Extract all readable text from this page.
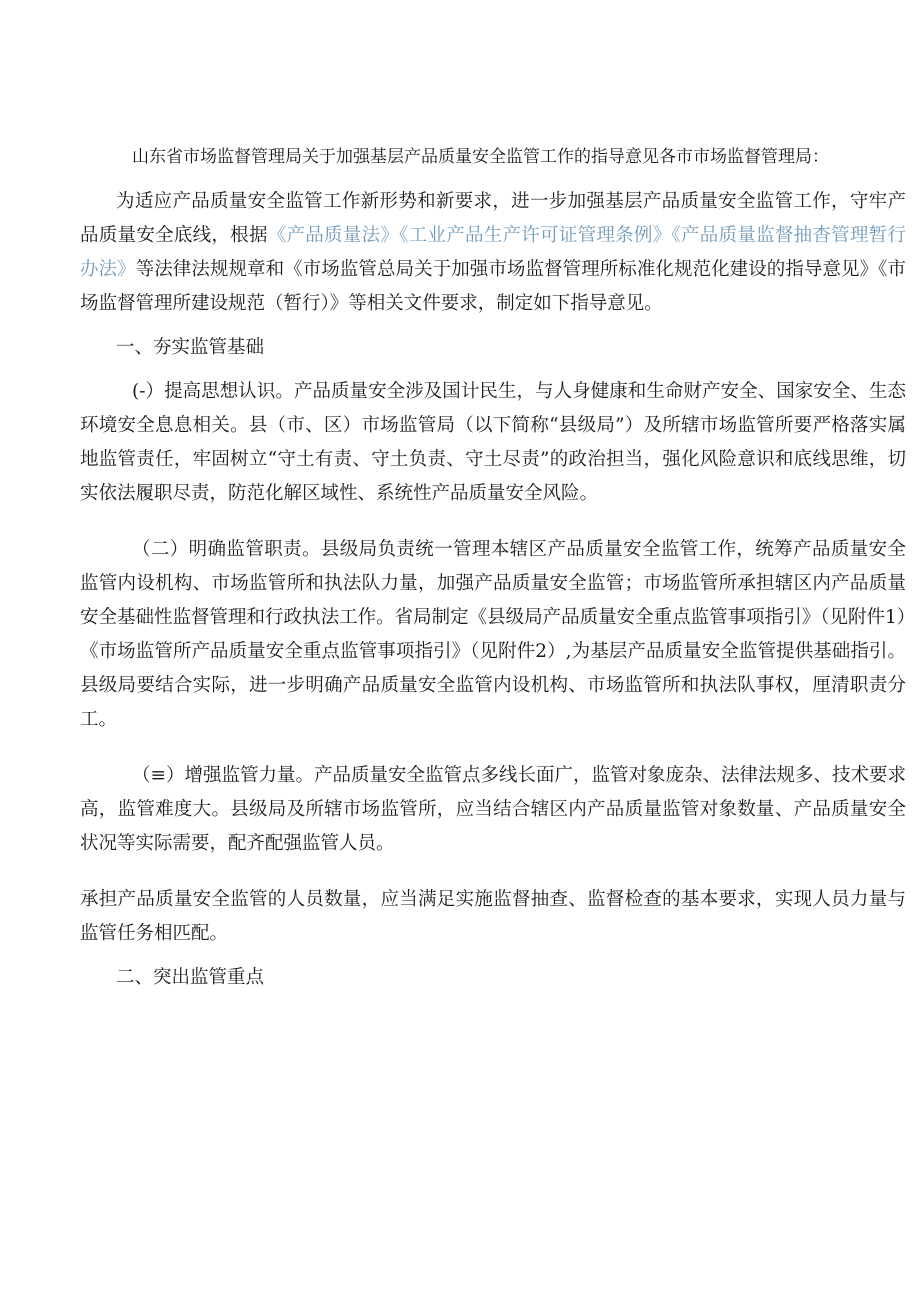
山东省市场监督管理局关于加强基层产品质量安全监管工作的指导意见各市市场监督管理局：

为适应产品质量安全监管工作新形势和新要求，进一步加强基层产品质量安全监管工作，守牢产品质量安全底线，根据《产品质量法》《工业产品生产许可证管理条例》《产品质量监督抽杳管理暂行办法》等法律法规规章和《市场监管总局关于加强市场监督管理所标准化规范化建设的指导意见》《市场监督管理所建设规范（暂行）》等相关文件要求，制定如下指导意见。

一、夯实监管基础

(-）提高思想认识。产品质量安全涉及国计民生，与人身健康和生命财产安全、国家安全、生态环境安全息息相关。县（市、区）市场监管局（以下简称“县级局”）及所辖市场监管所要严格落实属地监管责任，牢固树立“守土有责、守土负责、守土尽责”的政治担当，强化风险意识和底线思维，切实依法履职尽责，防范化解区域性、系统性产品质量安全风险。

（二）明确监管职责。县级局负责统一管理本辖区产品质量安全监管工作，统筹产品质量安全监管内设机构、市场监管所和执法队力量，加强产品质量安全监管；市场监管所承担辖区内产品质量安全基础性监督管理和行政执法工作。省局制定《县级局产品质量安全重点监管事项指引》（见附件1）《市场监管所产品质量安全重点监管事项指引》（见附件2）,为基层产品质量安全监管提供基础指引。县级局要结合实际，进一步明确产品质量安全监管内设机构、市场监管所和执法队事权，厘清职责分工。

（≡）增强监管力量。产品质量安全监管点多线长面广，监管对象庞杂、法律法规多、技术要求高，监管难度大。县级局及所辖市场监管所，应当结合辖区内产品质量监管对象数量、产品质量安全状况等实际需要，配齐配强监管人员。

承担产品质量安全监管的人员数量，应当满足实施监督抽查、监督检查的基本要求，实现人员力量与监管任务相匹配。

二、突出监管重点
